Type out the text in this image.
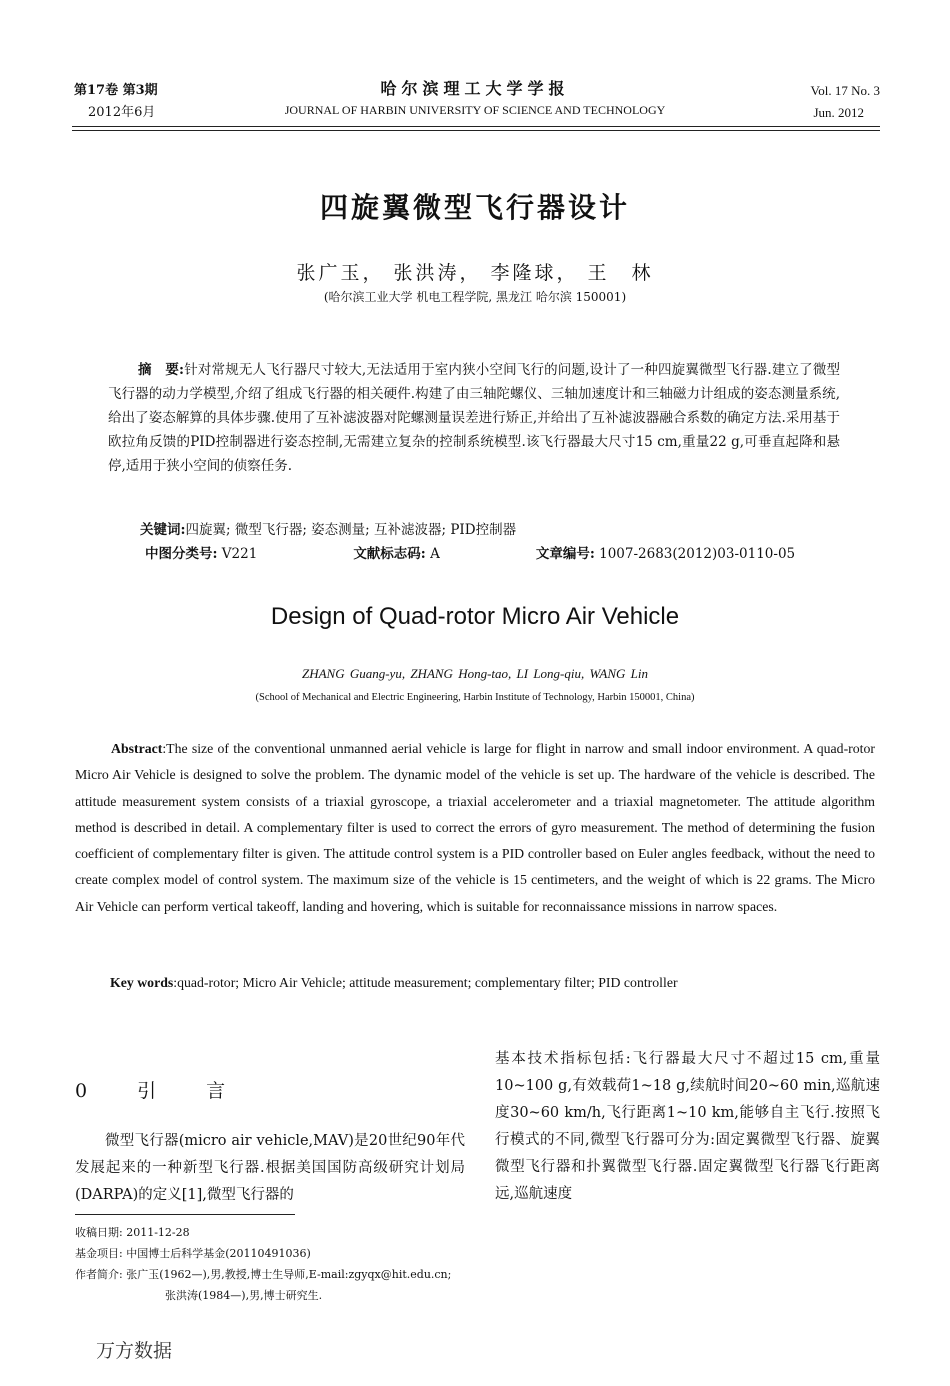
第17卷 第3期
2012年6月
哈尔滨理工大学学报
JOURNAL OF HARBIN UNIVERSITY OF SCIENCE AND TECHNOLOGY
Vol. 17 No. 3
Jun. 2012
四旋翼微型飞行器设计
张广玉， 张洪涛， 李隆球， 王　林
(哈尔滨工业大学 机电工程学院, 黑龙江 哈尔滨 150001)
摘　要:针对常规无人飞行器尺寸较大,无法适用于室内狭小空间飞行的问题,设计了一种四旋翼微型飞行器.建立了微型飞行器的动力学模型,介绍了组成飞行器的相关硬件.构建了由三轴陀螺仪、三轴加速度计和三轴磁力计组成的姿态测量系统,给出了姿态解算的具体步骤.使用了互补滤波器对陀螺测量误差进行矫正,并给出了互补滤波器融合系数的确定方法.采用基于欧拉角反馈的PID控制器进行姿态控制,无需建立复杂的控制系统模型.该飞行器最大尺寸15 cm,重量22 g,可垂直起降和悬停,适用于狭小空间的侦察任务.
关键词:四旋翼; 微型飞行器; 姿态测量; 互补滤波器; PID控制器
中图分类号: V221	文献标志码: A	文章编号: 1007-2683(2012)03-0110-05
Design of Quad-rotor Micro Air Vehicle
ZHANG Guang-yu, ZHANG Hong-tao, LI Long-qiu, WANG Lin
(School of Mechanical and Electric Engineering, Harbin Institute of Technology, Harbin 150001, China)
Abstract:The size of the conventional unmanned aerial vehicle is large for flight in narrow and small indoor environment. A quad-rotor Micro Air Vehicle is designed to solve the problem. The dynamic model of the vehicle is set up. The hardware of the vehicle is described. The attitude measurement system consists of a triaxial gyroscope, a triaxial accelerometer and a triaxial magnetometer. The attitude algorithm method is described in detail. A complementary filter is used to correct the errors of gyro measurement. The method of determining the fusion coefficient of complementary filter is given. The attitude control system is a PID controller based on Euler angles feedback, without the need to create complex model of control system. The maximum size of the vehicle is 15 centimeters, and the weight of which is 22 grams. The Micro Air Vehicle can perform vertical takeoff, landing and hovering, which is suitable for reconnaissance missions in narrow spaces.
Key words:quad-rotor; Micro Air Vehicle; attitude measurement; complementary filter; PID controller
0 引 言
微型飞行器(micro air vehicle,MAV)是20世纪90年代发展起来的一种新型飞行器.根据美国国防高级研究计划局(DARPA)的定义[1],微型飞行器的
基本技术指标包括:飞行器最大尺寸不超过15 cm,重量10~100 g,有效载荷1~18 g,续航时间20~60 min,巡航速度30~60 km/h,飞行距离1~10 km,能够自主飞行.按照飞行模式的不同,微型飞行器可分为:固定翼微型飞行器、旋翼微型飞行器和扑翼微型飞行器.固定翼微型飞行器飞行距离远,巡航速度
收稿日期: 2011-12-28
基金项目: 中国博士后科学基金(20110491036)
作者简介: 张广玉(1962—),男,教授,博士生导师,E-mail:zgyqx@hit.edu.cn;
张洪涛(1984—),男,博士研究生.
万方数据
